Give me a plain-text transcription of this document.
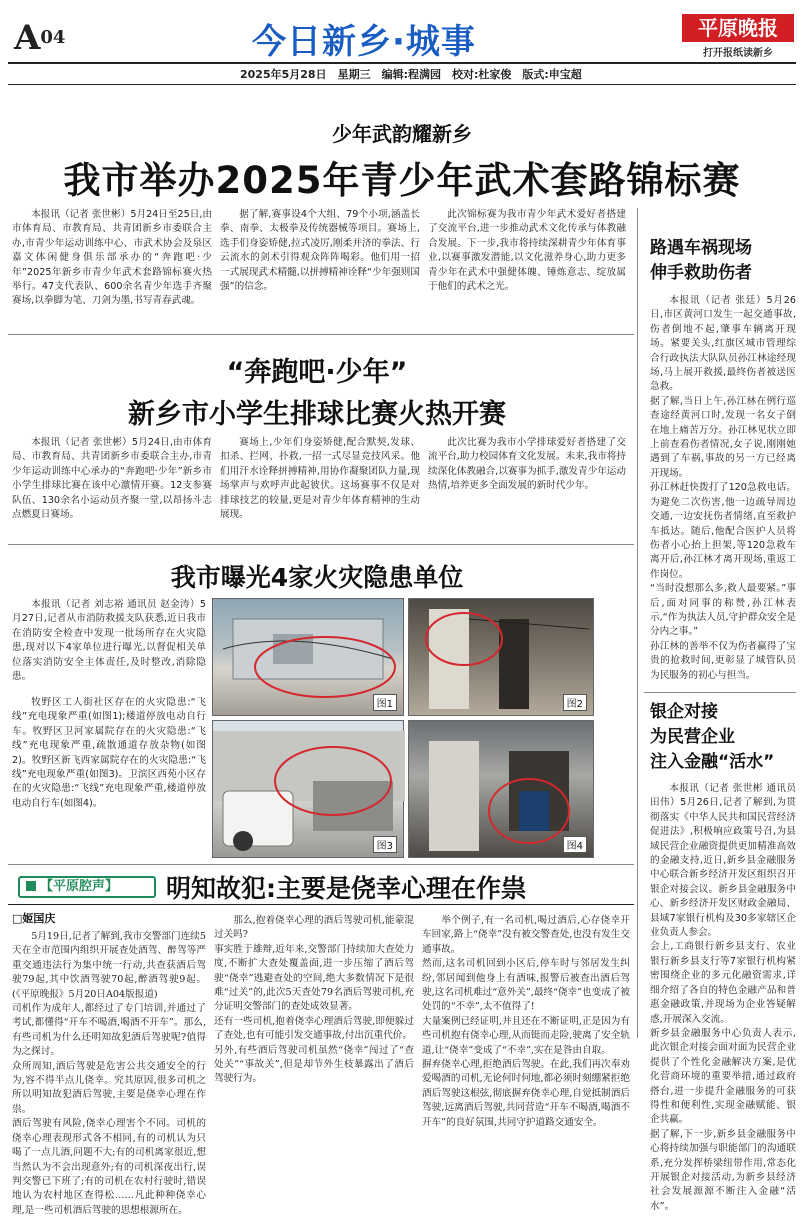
A04	今日新乡·城事	平原晚报
打开报纸读新乡
2025年5月28日　星期三　编辑:程满园　校对:杜家俊　版式:申宝超
少年武韵耀新乡
我市举办2025年青少年武术套路锦标赛
本报讯（记者 张世彬）5月24日至25日,由市体育局、市教育局、共青团新乡市委联合主办,市青少年运动训练中心、市武术协会及泉区嘉文体闲健身俱乐部承办的“奔跑吧·少年”2025年新乡市青少年武术套路锦标赛火热举行。47支代表队、600余名青少年选手齐聚赛场,以拳脚为笔、刀剑为墨,书写青春武魂。
据了解,赛事设4个大组、79个小项,涵盖长拳、南拳、太极拳及传统器械等项目。赛场上,选手们身姿矫健,拉式凌厉,刚柔并济的拳法、行云流水的剑术引得观众阵阵喝彩。他们用一招一式展现武术精髓,以拼搏精神诠释“少年强则国强”的信念。
此次锦标赛为我市青少年武术爱好者搭建了交流平台,进一步推动武术文化传承与体教融合发展。下一步,我市将持续深耕青少年体育事业,以赛事激发潜能,以文化滋养身心,助力更多青少年在武术中强健体魄、锤炼意志、绽放属于他们的武术之光。
“奔跑吧·少年”
新乡市小学生排球比赛火热开赛
本报讯（记者 张世彬）5月24日,由市体育局、市教育局、共青团新乡市委联合主办,市青少年运动训练中心承办的“奔跑吧·少年”新乡市小学生排球比赛在该中心激情开赛。12支参赛队伍、130余名小运动员齐聚一堂,以昂扬斗志点燃夏日赛场。
赛场上,少年们身姿矫健,配合默契,发球、扣杀、拦网、扑救,一招一式尽显竞技风采。他们用汗水诠释拼搏精神,用协作凝聚团队力量,现场掌声与欢呼声此起彼伏。这场赛事不仅是对排球技艺的较量,更是对青少年体育精神的生动展现。
此次比赛为我市小学排球爱好者搭建了交流平台,助力校园体育文化发展。未来,我市将持续深化体教融合,以赛事为抓手,激发青少年运动热情,培养更多全面发展的新时代少年。
我市曝光4家火灾隐患单位
本报讯（记者 刘志裕 通讯员 赵金涛）5月27日,记者从市消防救援支队获悉,近日我市在消防安全检查中发现一批场所存在火灾隐患,现对以下4家单位进行曝光,以督促相关单位落实消防安全主体责任,及时整改,消除隐患。
牧野区工人街社区存在的火灾隐患:“飞线”充电现象严重(如图1);楼道停放电动自行车。牧野区卫河家属院存在的火灾隐患:“飞线”充电现象严重,疏散通道存放杂物(如图2)。牧野区新飞西家属院存在的火灾隐患:“飞线”充电现象严重(如图3)。卫滨区西苑小区存在的火灾隐患:“飞线”充电现象严重,楼道停放电动自行车(如图4)。
图1	图2
图3	图4
【平原腔声】	明知故犯:主要是侥幸心理在作祟
□姬国庆
5月19日,记者了解到,我市交警部门连续5天在全市范围内组织开展查处酒驾、醉驾等严重交通违法行为集中统一行动,共查获酒后驾驶79起,其中饮酒驾驶70起,醉酒驾驶9起。(《平原晚报》5月20日A04版报道)
司机作为成年人,都经过了专门培训,并通过了考试,都懂得“开车不喝酒,喝酒不开车”。那么,有些司机为什么还明知故犯酒后驾驶呢?值得为之探讨。
众所周知,酒后驾驶是危害公共交通安全的行为,容不得半点儿侥幸。究其原因,很多司机之所以明知故犯酒后驾驶,主要是侥幸心理在作祟。
酒后驾驶有风险,侥幸心理害个不同。司机的侥幸心理表现形式各不相同,有的司机认为只喝了一点儿酒,问题不大;有的司机离家很近,想当然认为不会出现意外;有的司机深夜出行,误判交警已下班了;有的司机在农村行驶时,错误地认为农村地区查得松……凡此种种侥幸心理,是一些司机酒后驾驶的思想根源所在。
那么,抱着侥幸心理的酒后驾驶司机,能蒙混过关吗?
事实胜于雄辩,近年来,交警部门持续加大查处力度,不断扩大查处覆盖面,进一步压缩了酒后驾驶“侥幸”逃避查处的空间,绝大多数情况下是很难“过关”的,此次5天查处79名酒后驾驶司机,充分证明交警部门的查处成效显著。
还有一些司机,抱着侥幸心理酒后驾驶,即便躲过了查处,也有可能引发交通事故,付出沉重代价。
另外,有些酒后驾驶司机虽然“侥幸”闯过了“查处关”“事故关”,但是却节外生枝暴露出了酒后驾驶行为。
举个例子,有一名司机,喝过酒后,心存侥幸开车回家,路上“侥幸”没有被交警查处,也没有发生交通事故。
然而,这名司机回到小区后,停车时与邻居发生纠纷,邻居闻到他身上有酒味,报警后被查出酒后驾驶,这名司机难过“意外关”,最终“侥幸”也变成了被处罚的“不幸”,太不值得了!
大量案例已经证明,并且还在不断证明,正是因为有些司机抱有侥幸心理,从而铤而走险,驶离了安全轨道,让“侥幸”变成了“不幸”,实在是咎由自取。
摒弃侥幸心理,拒绝酒后驾驶。在此,我们再次奉劝爱喝酒的司机,无论何时何地,都必须时刻绷紧拒绝酒后驾驶这根弦,彻底摒弃侥幸心理,自觉抵制酒后驾驶,远离酒后驾驶,共同营造“开车不喝酒,喝酒不开车”的良好氛围,共同守护道路交通安全。
路遇车祸现场
伸手救助伤者
本报讯（记者 张廷）5月26日,市区黄河口发生一起交通事故,伤者倒地不起,肇事车辆离开现场。紧要关头,红旗区城市管理综合行政执法大队队员孙江林途经现场,马上展开救援,最终伤者被送医急救。
据了解,当日上午,孙江林在例行巡查途经黄河口时,发现一名女子倒在地上痛苦万分。孙江林见状立即上前查看伤者情况,女子说,刚刚她遇到了车祸,事故的另一方已经离开现场。
孙江林赶快拨打了120急救电话。为避免二次伤害,他一边疏导周边交通,一边安抚伤者情绪,直至救护车抵达。随后,他配合医护人员将伤者小心抬上担架,等120急救车离开后,孙江林才离开现场,重返工作岗位。
“当时没想那么多,救人最要紧。”事后,面对同事的称赞,孙江林表示,“作为执法人员,守护群众安全是分内之事。”
孙江林的善举不仅为伤者赢得了宝贵的抢救时间,更彰显了城管队员为民服务的初心与担当。
银企对接
为民营企业
注入金融“活水”
本报讯（记者 张世彬 通讯员 田伟）5月26日,记者了解到,为贯彻落实《中华人民共和国民营经济促进法》,积极响应政策号召,为县域民营企业融资提供更加精准高效的金融支持,近日,新乡县金融服务中心联合新乡经济开发区组织召开银企对接会议。新乡县金融服务中心、新乡经济开发区财政金融局、县域7家银行机构及30多家辖区企业负责人参会。
会上,工商银行新乡县支行、农业银行新乡县支行等7家银行机构紧密围绕企业的多元化融资需求,详细介绍了各自的特色金融产品和普惠金融政策,并现场为企业答疑解惑,开展深入交流。
新乡县金融服务中心负责人表示,此次银企对接会面对面为民营企业提供了个性化金融解决方案,是优化营商环境的重要举措,通过政府搭台,进一步提升金融服务的可获得性和便利性,实现金融赋能、银企共赢。
据了解,下一步,新乡县金融服务中心将持续加强与职能部门的沟通联系,充分发挥桥梁纽带作用,常态化开展银企对接活动,为新乡县经济社会发展源源不断注入金融“活水”。
